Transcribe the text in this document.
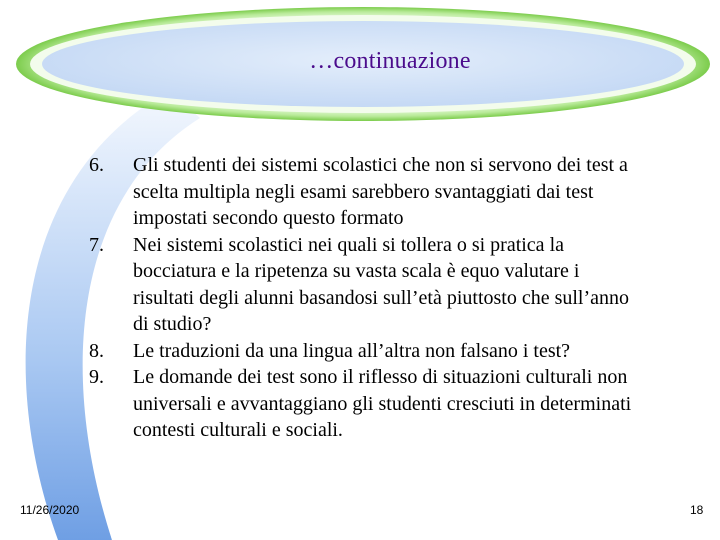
…continuazione
6. Gli studenti dei sistemi scolastici che non si servono dei test a scelta multipla negli esami sarebbero svantaggiati dai test impostati secondo questo formato
7. Nei sistemi scolastici nei quali si tollera o si pratica la bocciatura e la ripetenza su vasta scala è equo valutare i risultati degli alunni basandosi sull’età piuttosto che sull’anno di studio?
8. Le traduzioni da una lingua all’altra non falsano i test?
9. Le domande dei test sono il riflesso di situazioni culturali non universali e avvantaggiano gli studenti cresciuti in determinati contesti culturali e sociali.
11/26/2020	18
